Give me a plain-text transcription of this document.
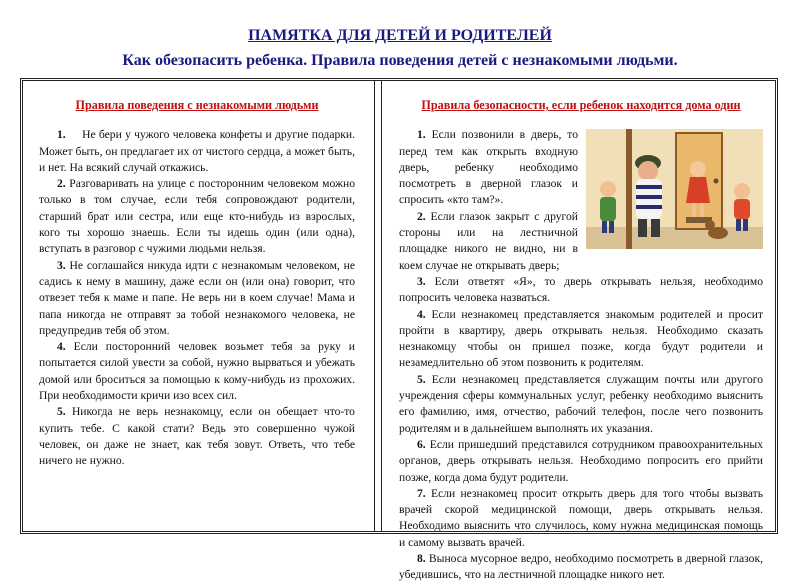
ПАМЯТКА ДЛЯ ДЕТЕЙ И РОДИТЕЛЕЙ
Как обезопасить ребенка. Правила поведения детей с незнакомыми людьми.
Правила поведения с незнакомыми людьми

1.     Не бери у чужого человека конфеты и другие подарки. Может быть, он предлагает их от чистого сердца, а может быть, и нет. На всякий случай откажись.

2. Разговаривать на улице с посторонним человеком можно только в том случае, если тебя сопровождают родители, старший брат или сестра, или еще кто-нибудь из взрослых, кого ты хорошо знаешь. Если ты идешь один (или одна), вступать в разговор с чужими людьми нельзя.

3. Не соглашайся никуда идти с незнакомым человеком, не садись к нему в машину, даже если он (или она) говорит, что отвезет тебя к маме и папе. Не верь ни в коем случае! Мама и папа никогда не отправят за тобой незнакомого человека, не предупредив тебя об этом.

4. Если посторонний человек возьмет тебя за руку и попытается силой увести за собой, нужно вырваться и убежать домой или броситься за помощью к кому-нибудь из прохожих. При необходимости кричи изо всех сил.

5. Никогда не верь незнакомцу, если он обещает что-то купить тебе. С какой стати? Ведь это совершенно чужой человек, он даже не знает, как тебя зовут. Ответь, что тебе ничего не нужно.

Правила безопасности, если ребенок находится дома один

1. Если позвонили в дверь, то перед тем как открыть входную дверь, ребенку необходимо посмотреть в дверной глазок и спросить «кто там?».

2. Если глазок закрыт с другой стороны или на лестничной площадке никого не видно, ни в коем случае не открывать дверь;

3. Если ответят «Я», то дверь открывать нельзя, необходимо попросить человека назваться.

4. Если незнакомец представляется знакомым родителей и просит пройти в квартиру, дверь открывать нельзя. Необходимо сказать незнакомцу чтобы он пришел позже, когда будут родители и незамедлительно об этом позвонить к родителям.

5. Если незнакомец представляется служащим почты или другого учреждения сферы коммунальных услуг, ребенку необходимо выяснить его фамилию, имя, отчество, рабочий телефон, после чего позвонить родителям и в дальнейшем выполнять их указания.

6. Если пришедший представился сотрудником правоохранительных органов, дверь открывать нельзя. Необходимо попросить его прийти позже, когда дома будут родители.

7. Если незнакомец просит открыть дверь для того чтобы вызвать врачей скорой медицинской помощи, дверь открывать нельзя. Необходимо выяснить что случилось, кому нужна медицинская помощь и самому вызвать врачей.

8. Выноса мусорное ведро, необходимо посмотреть в дверной глазок, убедившись, что на лестничной площадке никого нет.
